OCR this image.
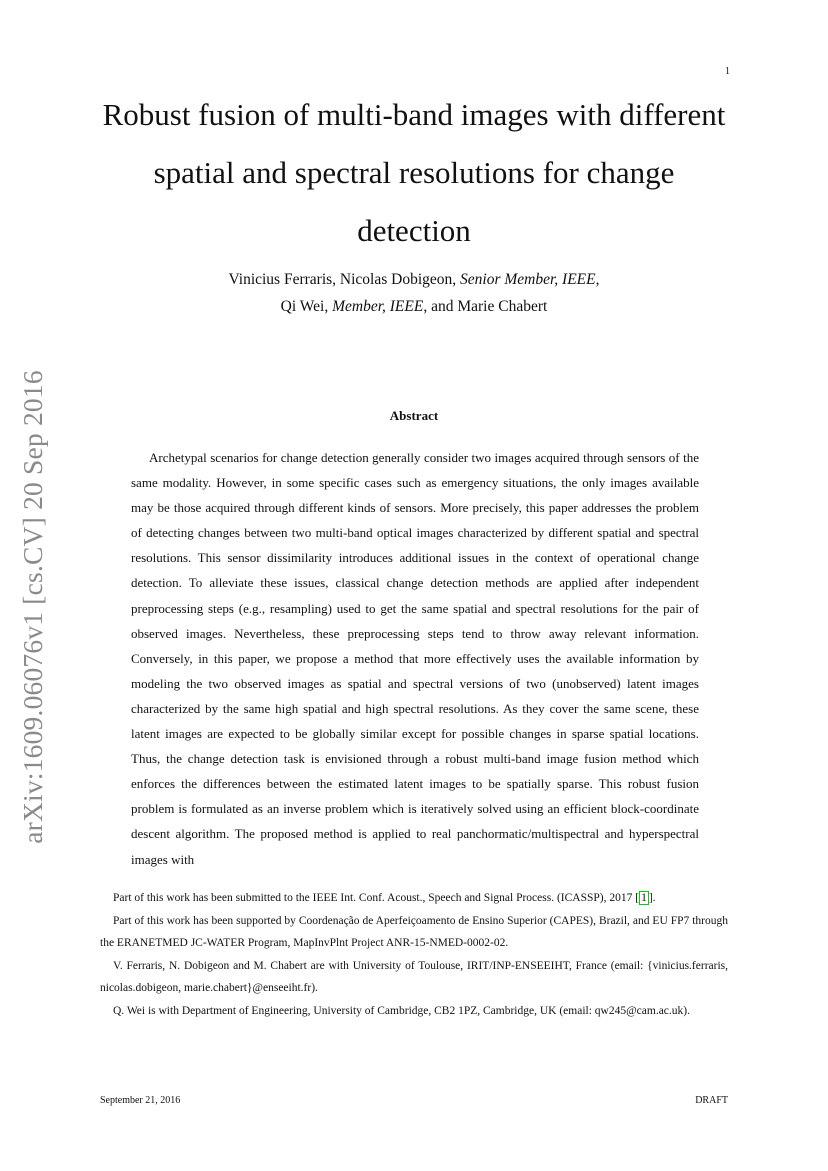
1
arXiv:1609.06076v1 [cs.CV] 20 Sep 2016
Robust fusion of multi-band images with different spatial and spectral resolutions for change detection
Vinicius Ferraris, Nicolas Dobigeon, Senior Member, IEEE,
Qi Wei, Member, IEEE, and Marie Chabert
Abstract

Archetypal scenarios for change detection generally consider two images acquired through sensors of the same modality. However, in some specific cases such as emergency situations, the only images available may be those acquired through different kinds of sensors. More precisely, this paper addresses the problem of detecting changes between two multi-band optical images characterized by different spatial and spectral resolutions. This sensor dissimilarity introduces additional issues in the context of operational change detection. To alleviate these issues, classical change detection methods are applied after independent preprocessing steps (e.g., resampling) used to get the same spatial and spectral resolutions for the pair of observed images. Nevertheless, these preprocessing steps tend to throw away relevant information. Conversely, in this paper, we propose a method that more effectively uses the available information by modeling the two observed images as spatial and spectral versions of two (unobserved) latent images characterized by the same high spatial and high spectral resolutions. As they cover the same scene, these latent images are expected to be globally similar except for possible changes in sparse spatial locations. Thus, the change detection task is envisioned through a robust multi-band image fusion method which enforces the differences between the estimated latent images to be spatially sparse. This robust fusion problem is formulated as an inverse problem which is iteratively solved using an efficient block-coordinate descent algorithm. The proposed method is applied to real panchormatic/multispectral and hyperspectral images with

Part of this work has been submitted to the IEEE Int. Conf. Acoust., Speech and Signal Process. (ICASSP), 2017 [ 1 ].

Part of this work has been supported by Coordenação de Aperfeiçoamento de Ensino Superior (CAPES), Brazil, and EU FP7 through the ERANETMED JC-WATER Program, MapInvPlnt Project ANR-15-NMED-0002-02.

V. Ferraris, N. Dobigeon and M. Chabert are with University of Toulouse, IRIT/INP-ENSEEIHT, France (email: {vinicius.ferraris, nicolas.dobigeon, marie.chabert}@enseeiht.fr).

Q. Wei is with Department of Engineering, University of Cambridge, CB2 1PZ, Cambridge, UK (email: qw245@cam.ac.uk).

September 21, 2016	DRAFT
